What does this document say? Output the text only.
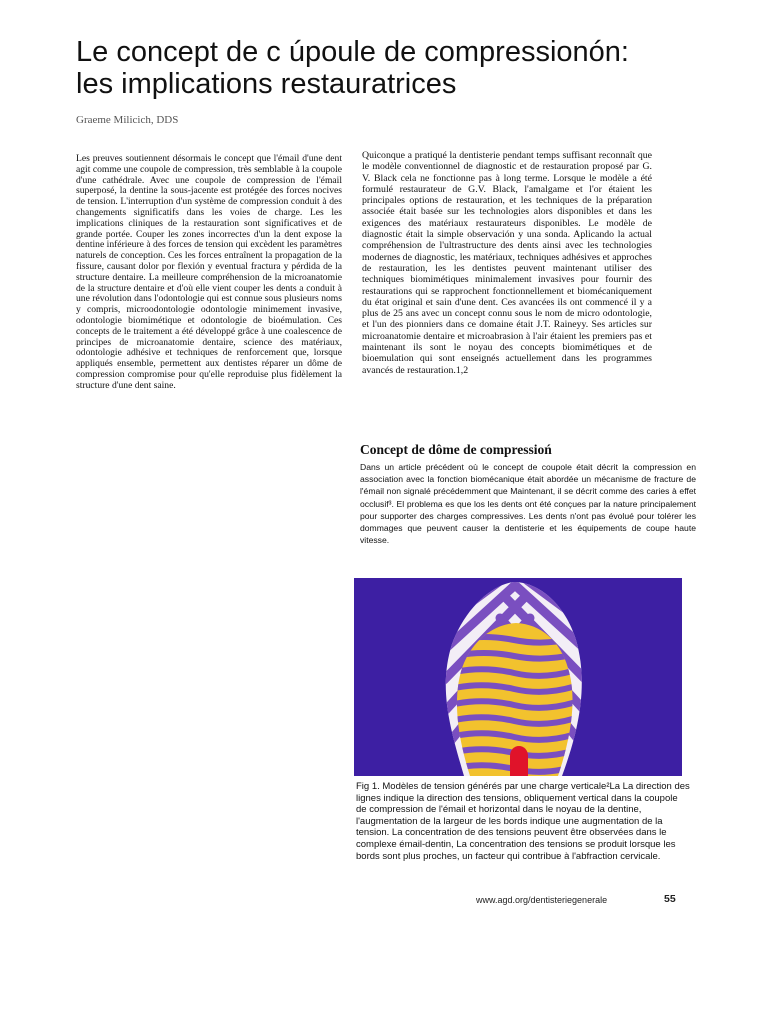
Le concept de c úpoule de compressionón:
les implications restauratrices
Graeme Milicich, DDS

Les preuves soutiennent désormais le concept que l'émail d'une dent agit comme une coupole de compression, très semblable à la coupole d'une cathédrale. Avec une coupole de compression de l'émail superposé, la dentine la sous-jacente est protégée des forces nocives de tension. L'interruption d'un système de compression conduit à des changements significatifs dans les voies de charge. Les les implications cliniques de la restauration sont significatives et de grande portée. Couper les zones incorrectes d'un la dent expose la dentine inférieure à des forces de tension qui excèdent les paramètres naturels de conception. Ces les forces entraînent la propagation de la fissure, causant dolor por flexión y eventual fractura y pérdida de la structure dentaire. La meilleure compréhension de la microanatomie de la structure dentaire et d'où elle vient couper les dents a conduit à une révolution dans l'odontologie qui est connue sous plusieurs noms y compris, microodontologie odontologie minimement invasive, odontologie biomimétique et odontologie de bioémulation. Ces concepts de le traitement a été développé grâce à une coalescence de principes de microanatomie dentaire, science des matériaux, odontologie adhésive et techniques de renforcement que, lorsque appliqués ensemble, permettent aux dentistes réparer un dôme de compression compromise pour qu'elle reproduise plus fidèlement la structure d'une dent saine.

Quiconque a pratiqué la dentisterie pendant temps suffisant reconnaît que le modèle conventionnel de diagnostic et de restauration proposé par G. V. Black cela ne fonctionne pas à long terme. Lorsque le modèle a été formulé restaurateur de G.V. Black, l'amalgame et l'or étaient les principales options de restauration, et les techniques de la préparation associée était basée sur les technologies alors disponibles et dans les exigences des matériaux restaurateurs disponibles. Le modèle de diagnostic était la simple observación y una sonda. Aplicando la actual compréhension de l'ultrastructure des dents ainsi avec les technologies modernes de diagnostic, les matériaux, techniques adhésives et approches de restauration, les les dentistes peuvent maintenant utiliser des techniques biomimétiques minimalement invasives pour fournir des restaurations qui se rapprochent fonctionnellement et biomécaniquement du état original et sain d'une dent. Ces avancées ils ont commencé il y a plus de 25 ans avec un concept connu sous le nom de micro odontologie, et l'un des pionniers dans ce domaine était J.T. Raineyy. Ses articles sur microanatomie dentaire et microabrasion à l'air étaient les premiers pas et maintenant ils sont le noyau des concepts biomimétiques et de bioemulation qui sont enseignés actuellement dans les programmes avancés de restauration.1,2

Concept de dôme de compressioń

Dans un article précédent où le concept de coupole était décrit la compression en association avec la fonction biomécanique était abordée un mécanisme de fracture de l'émail non signalé précédemment que Maintenant, il se décrit comme des caries à effet occlusif³. El problema es que los les dents ont été conçues par la nature principalement pour supporter des charges compressives. Les dents n'ont pas évolué pour tolérer les dommages que peuvent causer la dentisterie et les équipements de coupe haute vitesse.

Fig 1. Modèles de tension générés par une charge verticale²La La direction des lignes indique la direction des tensions, obliquement vertical dans la coupole de compression de l'émail et horizontal dans le noyau de la dentine, l'augmentation de la largeur de les bords indique une augmentation de la tension. La concentration de des tensions peuvent être observées dans le complexe émail-dentin, La concentration des tensions se produit lorsque les bords sont plus proches, un facteur qui contribue à l'abfraction cervicale.

www.agd.org/dentisteriegenerale	55
